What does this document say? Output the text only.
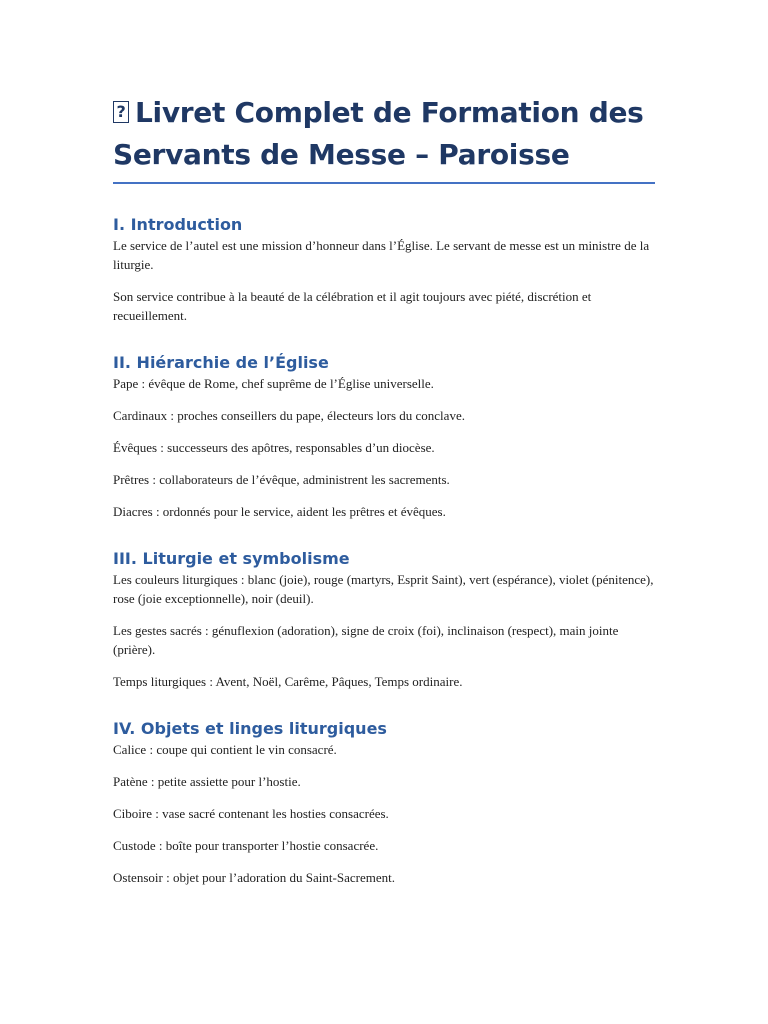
?Livret Complet de Formation des Servants de Messe – Paroisse
I. Introduction

Le service de l’autel est une mission d’honneur dans l’Église. Le servant de messe est un ministre de la liturgie.

Son service contribue à la beauté de la célébration et il agit toujours avec piété, discrétion et recueillement.

II. Hiérarchie de l’Église

Pape : évêque de Rome, chef suprême de l’Église universelle.

Cardinaux : proches conseillers du pape, électeurs lors du conclave.

Évêques : successeurs des apôtres, responsables d’un diocèse.

Prêtres : collaborateurs de l’évêque, administrent les sacrements.

Diacres : ordonnés pour le service, aident les prêtres et évêques.

III. Liturgie et symbolisme

Les couleurs liturgiques : blanc (joie), rouge (martyrs, Esprit Saint), vert (espérance), violet (pénitence), rose (joie exceptionnelle), noir (deuil).

Les gestes sacrés : génuflexion (adoration), signe de croix (foi), inclinaison (respect), main jointe (prière).

Temps liturgiques : Avent, Noël, Carême, Pâques, Temps ordinaire.

IV. Objets et linges liturgiques

Calice : coupe qui contient le vin consacré.

Patène : petite assiette pour l’hostie.

Ciboire : vase sacré contenant les hosties consacrées.

Custode : boîte pour transporter l’hostie consacrée.

Ostensoir : objet pour l’adoration du Saint-Sacrement.
